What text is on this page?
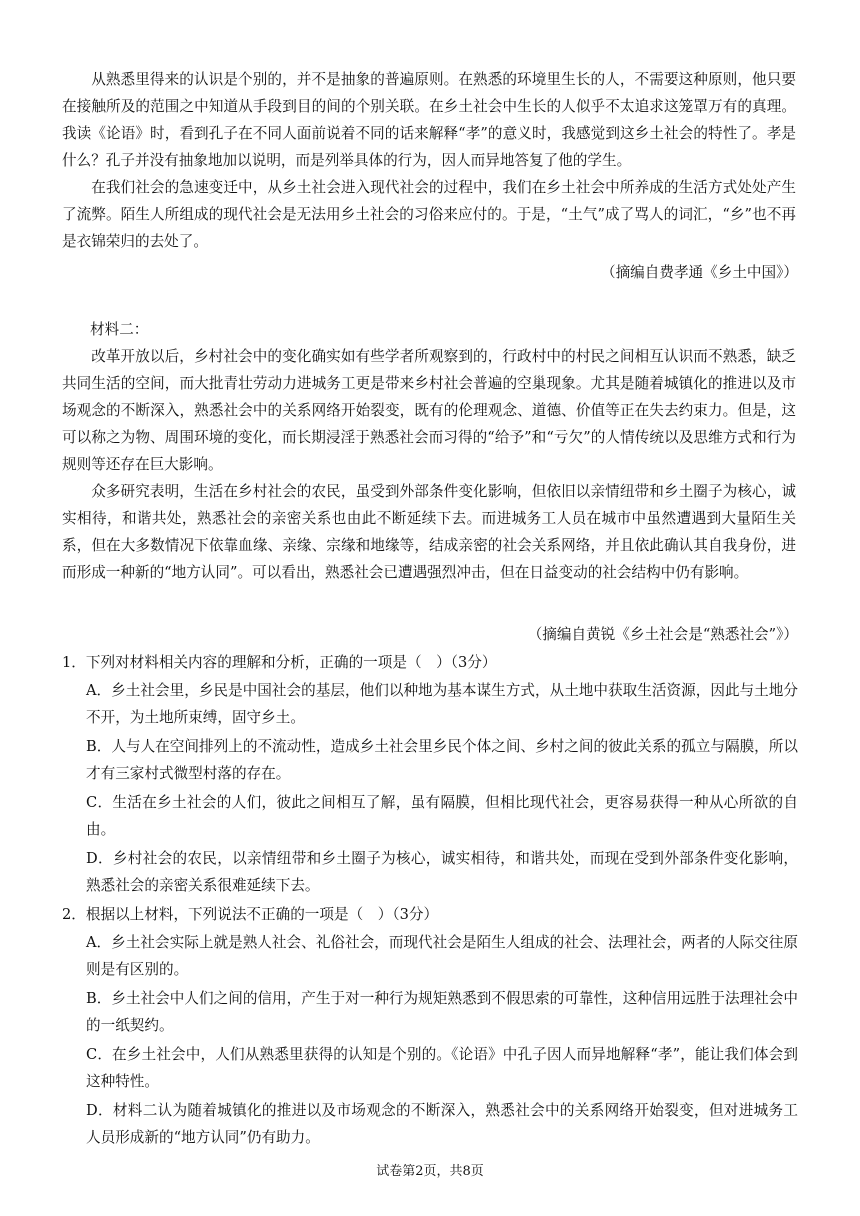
从熟悉里得来的认识是个别的，并不是抽象的普遍原则。在熟悉的环境里生长的人，不需要这种原则，他只要在接触所及的范围之中知道从手段到目的间的个别关联。在乡土社会中生长的人似乎不太追求这笼罩万有的真理。我读《论语》时，看到孔子在不同人面前说着不同的话来解释“孝”的意义时，我感觉到这乡土社会的特性了。孝是什么？孔子并没有抽象地加以说明，而是列举具体的行为，因人而异地答复了他的学生。

在我们社会的急速变迁中，从乡土社会进入现代社会的过程中，我们在乡土社会中所养成的生活方式处处产生了流弊。陌生人所组成的现代社会是无法用乡土社会的习俗来应付的。于是，“土气”成了骂人的词汇，“乡”也不再是衣锦荣归的去处了。

（摘编自费孝通《乡土中国》）
材料二：

改革开放以后，乡村社会中的变化确实如有些学者所观察到的，行政村中的村民之间相互认识而不熟悉，缺乏共同生活的空间，而大批青壮劳动力进城务工更是带来乡村社会普遍的空巢现象。尤其是随着城镇化的推进以及市场观念的不断深入，熟悉社会中的关系网络开始裂变，既有的伦理观念、道德、价值等正在失去约束力。但是，这可以称之为物、周围环境的变化，而长期浸淫于熟悉社会而习得的“给予”和“亏欠”的人情传统以及思维方式和行为规则等还存在巨大影响。

众多研究表明，生活在乡村社会的农民，虽受到外部条件变化影响，但依旧以亲情纽带和乡土圈子为核心，诚实相待，和谐共处，熟悉社会的亲密关系也由此不断延续下去。而进城务工人员在城市中虽然遭遇到大量陌生关系，但在大多数情况下依靠血缘、亲缘、宗缘和地缘等，结成亲密的社会关系网络，并且依此确认其自我身份，进而形成一种新的“地方认同”。可以看出，熟悉社会已遭遇强烈冲击，但在日益变动的社会结构中仍有影响。

（摘编自黄锐《乡土社会是“熟悉社会”》）
1．下列对材料相关内容的理解和分析，正确的一项是（　）（3分）
A．乡土社会里，乡民是中国社会的基层，他们以种地为基本谋生方式，从土地中获取生活资源，因此与土地分不开，为土地所束缚，固守乡土。
B．人与人在空间排列上的不流动性，造成乡土社会里乡民个体之间、乡村之间的彼此关系的孤立与隔膜，所以才有三家村式微型村落的存在。
C．生活在乡土社会的人们，彼此之间相互了解，虽有隔膜，但相比现代社会，更容易获得一种从心所欲的自由。
D．乡村社会的农民，以亲情纽带和乡土圈子为核心，诚实相待，和谐共处，而现在受到外部条件变化影响，熟悉社会的亲密关系很难延续下去。
2．根据以上材料，下列说法不正确的一项是（　）（3分）
A．乡土社会实际上就是熟人社会、礼俗社会，而现代社会是陌生人组成的社会、法理社会，两者的人际交往原则是有区别的。
B．乡土社会中人们之间的信用，产生于对一种行为规矩熟悉到不假思索的可靠性，这种信用远胜于法理社会中的一纸契约。
C．在乡土社会中，人们从熟悉里获得的认知是个别的。《论语》中孔子因人而异地解释“孝”，能让我们体会到这种特性。
D．材料二认为随着城镇化的推进以及市场观念的不断深入，熟悉社会中的关系网络开始裂变，但对进城务工人员形成新的“地方认同”仍有助力。
试卷第2页，共8页
